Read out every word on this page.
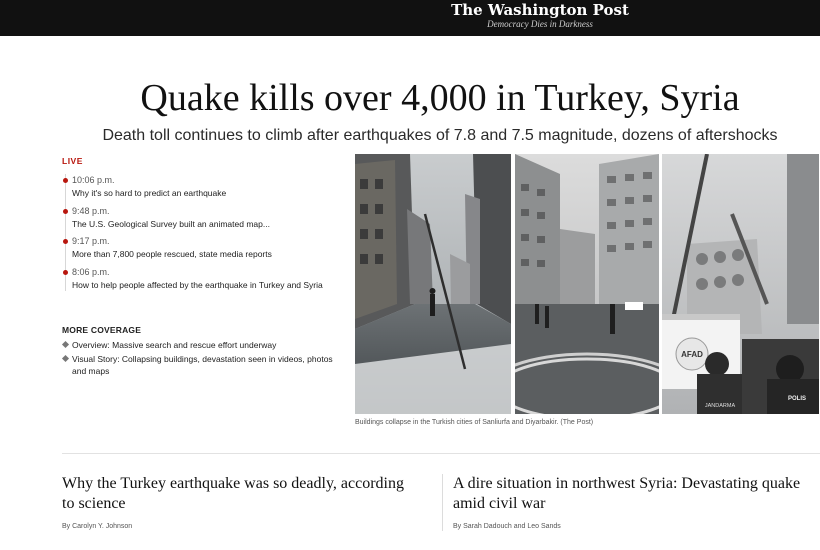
The Washington Post
Democracy Dies in Darkness
Quake kills over 4,000 in Turkey, Syria
Death toll continues to climb after earthquakes of 7.8 and 7.5 magnitude, dozens of aftershocks
LIVE
10:06 p.m.
Why it's so hard to predict an earthquake
9:48 p.m.
The U.S. Geological Survey built an animated map...
9:17 p.m.
More than 7,800 people rescued, state media reports
8:06 p.m.
How to help people affected by the earthquake in Turkey and Syria
MORE COVERAGE
Overview: Massive search and rescue effort underway
Visual Story: Collapsing buildings, devastation seen in videos, photos and maps
AFAD
POLIS
JANDARMA
Buildings collapse in the Turkish cities of Sanliurfa and Diyarbakir. (The Post)
Why the Turkey earthquake was so deadly, according to science
By Carolyn Y. Johnson
A dire situation in northwest Syria: Devastating quake amid civil war
By Sarah Dadouch and Leo Sands
